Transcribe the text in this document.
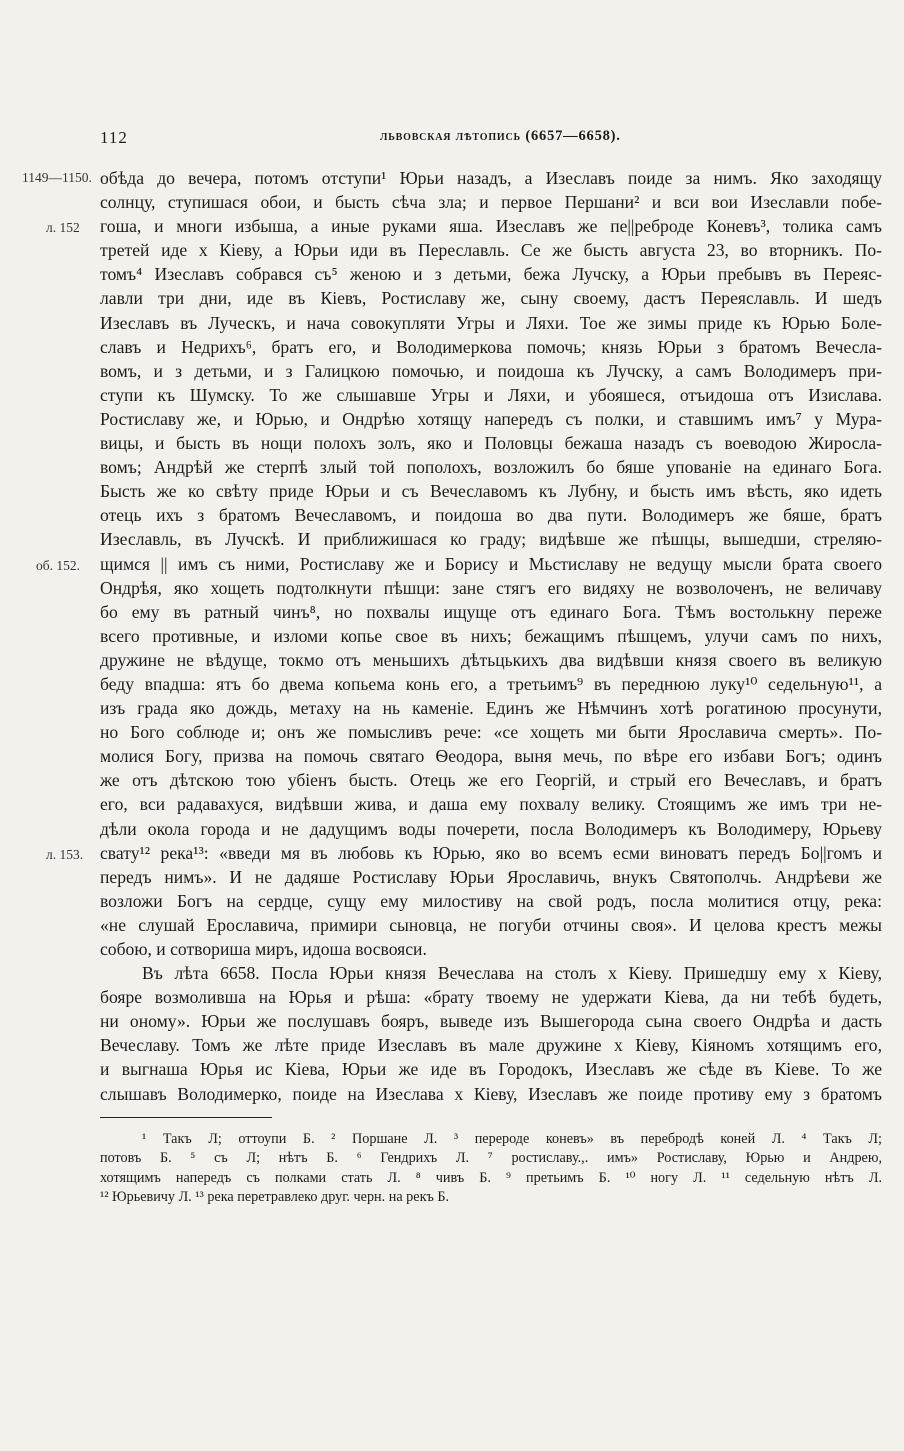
112	львовская лѣтопись (6657—6658).
1149—1150.
л. 152
об. 152.
л. 153.
обѣда до вечера, потомъ отступи¹ Юрьи назадъ, а Изеславъ поиде за нимъ. Яко заходящу
солнцу, ступишася обои, и бысть сѣча зла; и первое Першани² и вси вои Изеславли побе-
гоша, и многи избыша, а иные руками яша. Изеславъ же пе||реброде Коневъ³, толика самъ
третей иде х Кіеву, а Юрьи иди въ Переславль. Се же бысть августа 23, во вторникъ. По-
томъ⁴ Изеславъ собрався съ⁵ женою и з детьми, бежа Лучску, а Юрьи пребывъ въ Переяс-
лавли три дни, иде въ Кіевъ, Ростиславу же, сыну своему, дастъ Переяславль. И шедъ
Изеславъ въ Луческъ, и нача совокупляти Угры и Ляхи. Тое же зимы приде къ Юрью Боле-
славъ и Недрихъ⁶, братъ его, и Володимеркова помочь; князь Юрьи з братомъ Вечесла-
вомъ, и з детьми, и з Галицкою помочью, и поидоша къ Лучску, а самъ Володимеръ при-
ступи къ Шумску. То же слышавше Угры и Ляхи, и убояшеся, отъидоша отъ Изислава.
Ростиславу же, и Юрью, и Ондрѣю хотящу напередъ съ полки, и ставшимъ имъ⁷ у Мура-
вицы, и бысть въ нощи полохъ золъ, яко и Половцы бежаша назадъ съ воеводою Жиросла-
вомъ; Андрѣй же стерпѣ злый той пополохъ, возложилъ бо бяше упованіе на единаго Бога.
Бысть же ко свѣту приде Юрьи и съ Вечеславомъ къ Лубну, и бысть имъ вѣсть, яко идеть
отець ихъ з братомъ Вечеславомъ, и поидоша во два пути. Володимеръ же бяше, братъ
Изеславль, въ Лучскѣ. И приближишася ко граду; видѣвше же пѣшцы, вышедши, стреляю-
щимся || имъ съ ними, Ростиславу же и Борису и Мьстиславу не ведущу мысли брата своего
Ондрѣя, яко хощеть подтолкнути пѣшци: зане стягъ его видяху не возволоченъ, не величаву
бо ему въ ратный чинъ⁸, но похвалы ищуще отъ единаго Бога. Тѣмъ востолькну переже
всего противные, и изломи копье свое въ нихъ; бежащимъ пѣшцемъ, улучи самъ по нихъ,
дружине не вѣдуще, токмо отъ меньшихъ дѣтьцькихъ два видѣвши князя своего въ великую
беду впадша: ятъ бо двема копьема конь его, а третьимъ⁹ въ переднюю луку¹⁰ седельную¹¹, а
изъ града яко дождь, метаху на нь каменіе. Единъ же Нѣмчинъ хотѣ рогатиною просунути,
но Бого соблюде и; онъ же помысливъ рече: «се хощеть ми быти Ярославича смерть». По-
молися Богу, призва на помочь святаго Ѳеодора, выня мечь, по вѣре его избави Богъ; одинъ
же отъ дѣтскою тою убіенъ бысть. Отець же его Георгій, и стрый его Вечеславъ, и братъ
его, вси радавахуся, видѣвши жива, и даша ему похвалу велику. Стоящимъ же имъ три не-
дѣли окола города и не дадущимъ воды почерети, посла Володимеръ къ Володимеру, Юрьеву
свату¹² река¹³: «введи мя въ любовь къ Юрью, яко во всемъ есми виноватъ передъ Бо||гомъ и
передъ нимъ». И не дадяше Ростиславу Юрьи Ярославичь, внукъ Святополчь. Андрѣеви же
возложи Богъ на сердце, сущу ему милостиву на свой родъ, посла молитися отцу, река:
«не слушай Ерославича, примири сыновца, не погуби отчины своя». И целова крестъ межы
собою, и сотвориша миръ, идоша восвояси.
Въ лѣта 6658. Посла Юрьи князя Вечеслава на столъ х Кіеву. Пришедшу ему х Кіеву,
бояре возмоливша на Юрья и рѣша: «брату твоему не удержати Кіева, да ни тебѣ будеть,
ни оному». Юрьи же послушавъ бояръ, выведе изъ Вышегорода сына своего Ондрѣа и дасть
Вечеславу. Томъ же лѣте приде Изеславъ въ мале дружине х Кіеву, Кіяномъ хотящимъ его,
и выгнаша Юрья ис Кіева, Юрьи же иде въ Городокъ, Изеславъ же сѣде въ Кіеве. То же
слышавъ Володимерко, поиде на Изеслава х Кіеву, Изеславъ же поиде противу ему з братомъ
¹ Такъ Л; оттоупи Б. ² Поршане Л. ³ перероде коневъ» въ перебродѣ коней Л. ⁴ Такъ Л;
потовъ Б. ⁵ съ Л; нѣтъ Б. ⁶ Гендрихъ Л. ⁷ ростиславу.,. имъ» Ростиславу, Юрью и Андрею,
хотящимъ напередъ съ полками стать Л. ⁸ чивъ Б. ⁹ претьимъ Б. ¹⁰ ногу Л. ¹¹ седельную нѣтъ Л.
¹² Юрьевичу Л. ¹³ река перетравлеко друг. черн. на рекъ Б.
